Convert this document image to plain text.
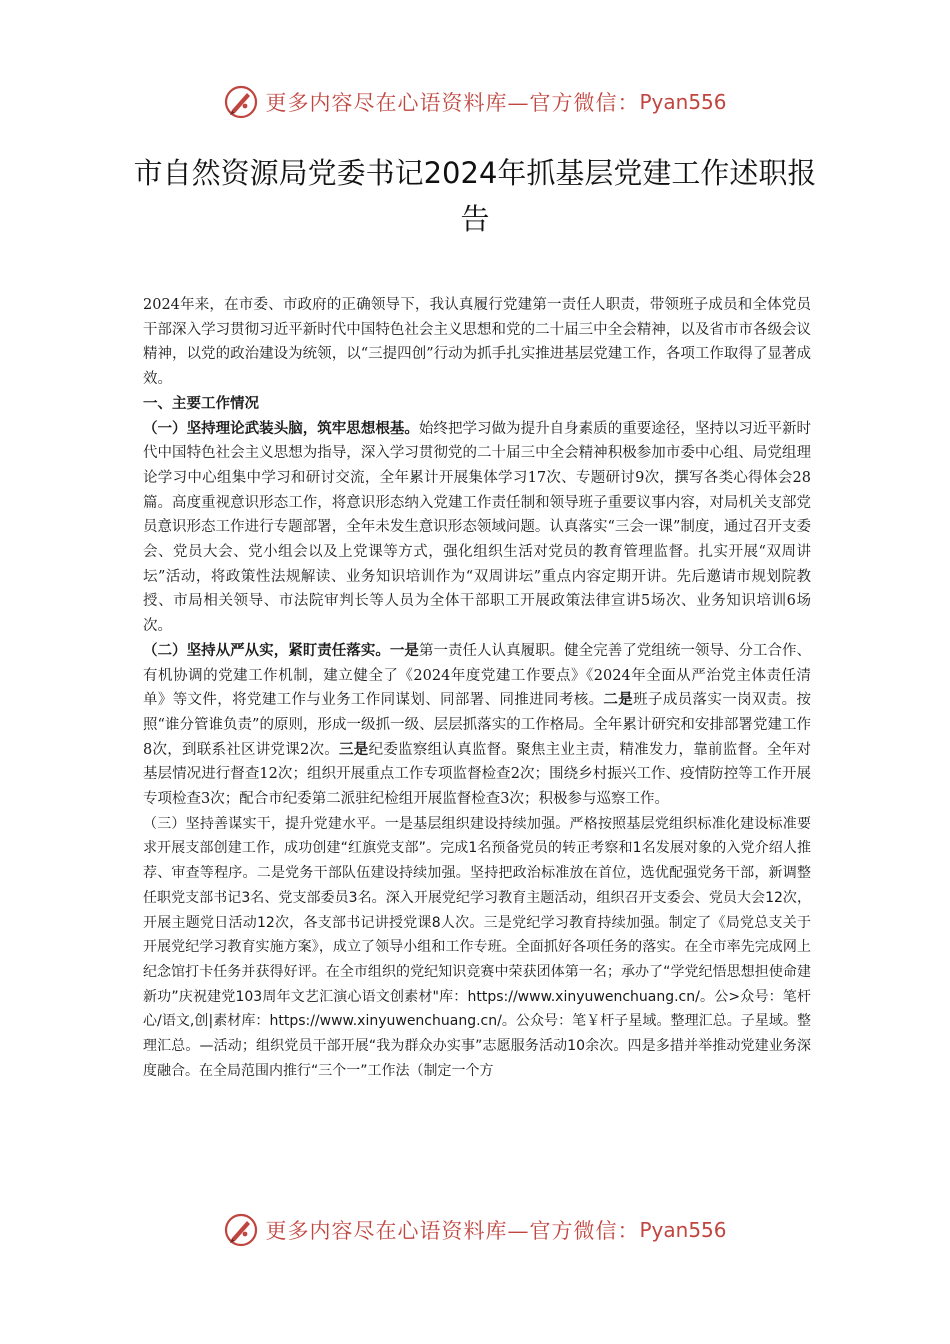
更多内容尽在心语资料库—官方微信： Pyan556
市自然资源局党委书记2024年抓基层党建工作述职报告

2024年来，在市委、市政府的正确领导下，我认真履行党建第一责任人职责，带领班子成员和全体党员干部深入学习贯彻习近平新时代中国特色社会主义思想和党的二十届三中全会精神，以及省市市各级会议精神，以党的政治建设为统领，以“三提四创”行动为抓手扎实推进基层党建工作，各项工作取得了显著成效。

一、主要工作情况

（一）坚持理论武装头脑，筑牢思想根基。始终把学习做为提升自身素质的重要途径，坚持以习近平新时代中国特色社会主义思想为指导，深入学习贯彻党的二十届三中全会精神积极参加市委中心组、局党组理论学习中心组集中学习和研讨交流，全年累计开展集体学习17次、专题研讨9次，撰写各类心得体会28篇。高度重视意识形态工作，将意识形态纳入党建工作责任制和领导班子重要议事内容，对局机关支部党员意识形态工作进行专题部署，全年未发生意识形态领域问题。认真落实“三会一课”制度，通过召开支委会、党员大会、党小组会以及上党课等方式，强化组织生活对党员的教育管理监督。扎实开展“双周讲坛”活动，将政策性法规解读、业务知识培训作为“双周讲坛”重点内容定期开讲。先后邀请市规划院教授、市局相关领导、市法院审判长等人员为全体干部职工开展政策法律宣讲5场次、业务知识培训6场次。

（二）坚持从严从实，紧盯责任落实。一是第一责任人认真履职。健全完善了党组统一领导、分工合作、有机协调的党建工作机制，建立健全了《2024年度党建工作要点》《2024年全面从严治党主体责任清单》等文件，将党建工作与业务工作同谋划、同部署、同推进同考核。二是班子成员落实一岗双责。按照“谁分管谁负责”的原则，形成一级抓一级、层层抓落实的工作格局。全年累计研究和安排部署党建工作8次，到联系社区讲党课2次。三是纪委监察组认真监督。聚焦主业主责，精准发力，靠前监督。全年对基层情况进行督查12次；组织开展重点工作专项监督检查2次；围绕乡村振兴工作、疫情防控等工作开展专项检查3次；配合市纪委第二派驻纪检组开展监督检查3次；积极参与巡察工作。

（三）坚持善谋实干，提升党建水平。一是基层组织建设持续加强。严格按照基层党组织标准化建设标准要求开展支部创建工作，成功创建“红旗党支部”。完成1名预备党员的转正考察和1名发展对象的入党介绍人推荐、审查等程序。二是党务干部队伍建设持续加强。坚持把政治标准放在首位，选优配强党务干部，新调整任职党支部书记3名、党支部委员3名。深入开展党纪学习教育主题活动，组织召开支委会、党员大会12次，开展主题党日活动12次，各支部书记讲授党课8人次。三是党纪学习教育持续加强。制定了《局党总支关于开展党纪学习教育实施方案》，成立了领导小组和工作专班。全面抓好各项任务的落实。在全市率先完成网上纪念馆打卡任务并获得好评。在全市组织的党纪知识竞赛中荣获团体第一名；承办了“学党纪悟思想担使命建新功”庆祝建党103周年文艺汇演心语文创素材"库：https://www.xinyuwenchuang.cn/。公>众号：笔杆心/语文,创|素材库：https://www.xinyuwenchuang.cn/。公众号：笔￥杆子星域。整理汇总。子星域。整理汇总。—活动；组织党员干部开展“我为群众办实事”志愿服务活动10余次。四是多措并举推动党建业务深度融合。在全局范围内推行“三个一”工作法（制定一个方

更多内容尽在心语资料库—官方微信： Pyan556
